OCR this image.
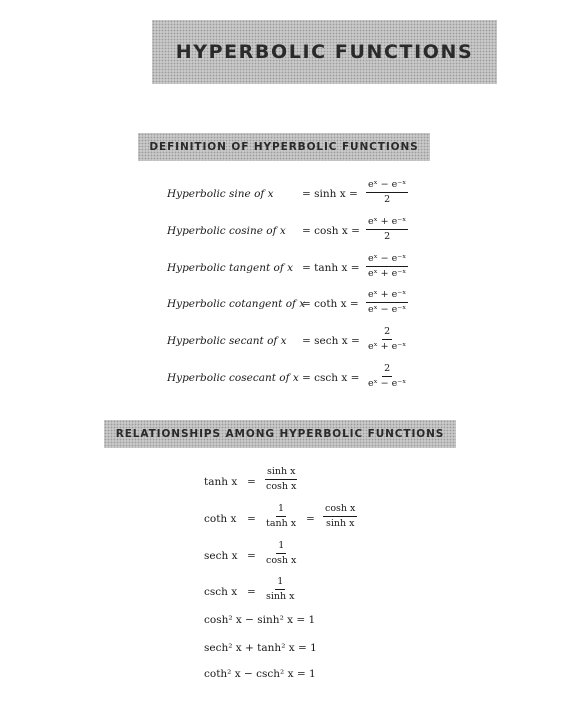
HYPERBOLIC FUNCTIONS
DEFINITION OF HYPERBOLIC FUNCTIONS
Hyperbolic sine of x	= $\sinh x = \frac{\text{eˣ − e⁻ˣ}}{2}$
Hyperbolic cosine of $x = \cosh x = \frac{\text{eˣ + e⁻ˣ}}{2}$
Hyperbolic tangent of $x = \tanh x = \frac{\text{eˣ − e⁻ˣ}}{\text{eˣ + e⁻ˣ}}$
Hyperbolic cotangent of x
= coth $x = \frac{\text{eˣ + e⁻ˣ}}{\text{eˣ − e⁻ˣ}}$
Hyperbolic secant of x = sech $x = \frac{2}{\text{eˣ + e⁻ˣ}}$
Hyperbolic cosecant of x = csch $x = \frac{2}{\text{eˣ − e⁻ˣ}}$
RELATIONSHIPS AMONG HYPERBOLIC FUNCTIONS
$\tanh x = \frac{\text{sinh x}}{\text{cosh x}}$
coth $x = \frac{1}{\text{tanh x}} = \frac{\text{cosh x}}{\text{sinh x}}$
sech $x = \frac{1}{\text{cosh x}}$
csch $x = \frac{1}{\text{sinh x}}$
cosh² x − sinh² x = 1
sech² x + tanh² x = 1
coth² x − csch² x = 1
